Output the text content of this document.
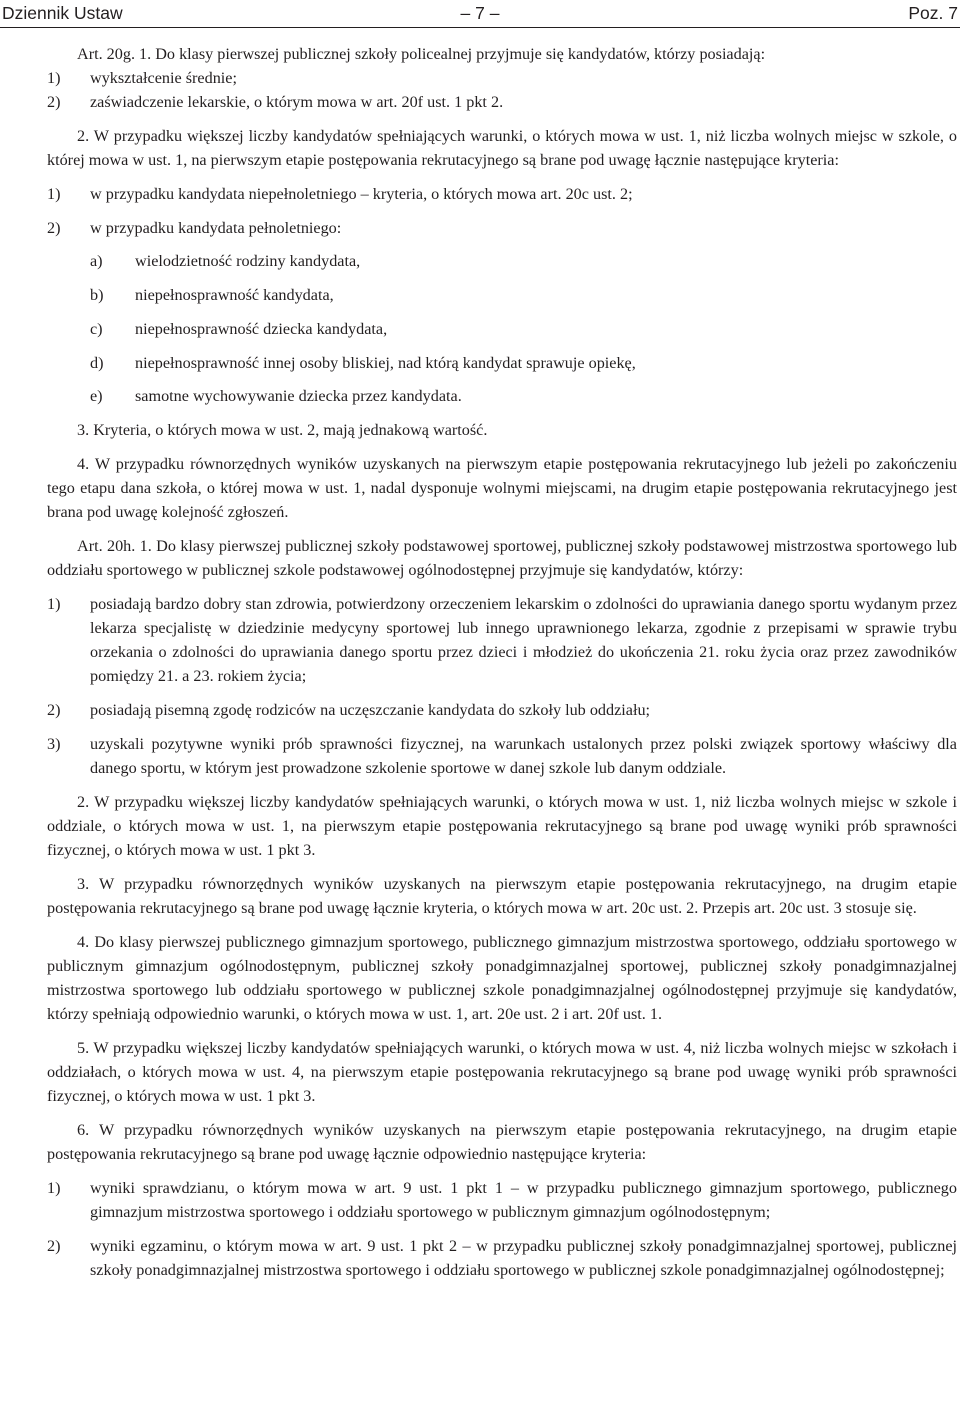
Dziennik Ustaw	– 7 –	Poz. 7
Art. 20g. 1. Do klasy pierwszej publicznej szkoły policealnej przyjmuje się kandydatów, którzy posiadają:
1) wykształcenie średnie;
2) zaświadczenie lekarskie, o którym mowa w art. 20f ust. 1 pkt 2.
2. W przypadku większej liczby kandydatów spełniających warunki, o których mowa w ust. 1, niż liczba wolnych miejsc w szkole, o której mowa w ust. 1, na pierwszym etapie postępowania rekrutacyjnego są brane pod uwagę łącznie następujące kryteria:
1) w przypadku kandydata niepełnoletniego – kryteria, o których mowa art. 20c ust. 2;
2) w przypadku kandydata pełnoletniego:
a) wielodzietność rodziny kandydata,
b) niepełnosprawność kandydata,
c) niepełnosprawność dziecka kandydata,
d) niepełnosprawność innej osoby bliskiej, nad którą kandydat sprawuje opiekę,
e) samotne wychowywanie dziecka przez kandydata.
3. Kryteria, o których mowa w ust. 2, mają jednakową wartość.
4. W przypadku równorzędnych wyników uzyskanych na pierwszym etapie postępowania rekrutacyjnego lub jeżeli po zakończeniu tego etapu dana szkoła, o której mowa w ust. 1, nadal dysponuje wolnymi miejscami, na drugim etapie postępowania rekrutacyjnego jest brana pod uwagę kolejność zgłoszeń.
Art. 20h. 1. Do klasy pierwszej publicznej szkoły podstawowej sportowej, publicznej szkoły podstawowej mistrzostwa sportowego lub oddziału sportowego w publicznej szkole podstawowej ogólnodostępnej przyjmuje się kandydatów, którzy:
1) posiadają bardzo dobry stan zdrowia, potwierdzony orzeczeniem lekarskim o zdolności do uprawiania danego sportu wydanym przez lekarza specjalistę w dziedzinie medycyny sportowej lub innego uprawnionego lekarza, zgodnie z przepisami w sprawie trybu orzekania o zdolności do uprawiania danego sportu przez dzieci i młodzież do ukończenia 21. roku życia oraz przez zawodników pomiędzy 21. a 23. rokiem życia;
2) posiadają pisemną zgodę rodziców na uczęszczanie kandydata do szkoły lub oddziału;
3) uzyskali pozytywne wyniki prób sprawności fizycznej, na warunkach ustalonych przez polski związek sportowy właściwy dla danego sportu, w którym jest prowadzone szkolenie sportowe w danej szkole lub danym oddziale.
2. W przypadku większej liczby kandydatów spełniających warunki, o których mowa w ust. 1, niż liczba wolnych miejsc w szkole i oddziale, o których mowa w ust. 1, na pierwszym etapie postępowania rekrutacyjnego są brane pod uwagę wyniki prób sprawności fizycznej, o których mowa w ust. 1 pkt 3.
3. W przypadku równorzędnych wyników uzyskanych na pierwszym etapie postępowania rekrutacyjnego, na drugim etapie postępowania rekrutacyjnego są brane pod uwagę łącznie kryteria, o których mowa w art. 20c ust. 2. Przepis art. 20c ust. 3 stosuje się.
4. Do klasy pierwszej publicznego gimnazjum sportowego, publicznego gimnazjum mistrzostwa sportowego, oddziału sportowego w publicznym gimnazjum ogólnodostępnym, publicznej szkoły ponadgimnazjalnej sportowej, publicznej szkoły ponadgimnazjalnej mistrzostwa sportowego lub oddziału sportowego w publicznej szkole ponadgimnazjalnej ogólnodostępnej przyjmuje się kandydatów, którzy spełniają odpowiednio warunki, o których mowa w ust. 1, art. 20e ust. 2 i art. 20f ust. 1.
5. W przypadku większej liczby kandydatów spełniających warunki, o których mowa w ust. 4, niż liczba wolnych miejsc w szkołach i oddziałach, o których mowa w ust. 4, na pierwszym etapie postępowania rekrutacyjnego są brane pod uwagę wyniki prób sprawności fizycznej, o których mowa w ust. 1 pkt 3.
6. W przypadku równorzędnych wyników uzyskanych na pierwszym etapie postępowania rekrutacyjnego, na drugim etapie postępowania rekrutacyjnego są brane pod uwagę łącznie odpowiednio następujące kryteria:
1) wyniki sprawdzianu, o którym mowa w art. 9 ust. 1 pkt 1 – w przypadku publicznego gimnazjum sportowego, publicznego gimnazjum mistrzostwa sportowego i oddziału sportowego w publicznym gimnazjum ogólnodostępnym;
2) wyniki egzaminu, o którym mowa w art. 9 ust. 1 pkt 2 – w przypadku publicznej szkoły ponadgimnazjalnej sportowej, publicznej szkoły ponadgimnazjalnej mistrzostwa sportowego i oddziału sportowego w publicznej szkole ponadgimnazjalnej ogólnodostępnej;
